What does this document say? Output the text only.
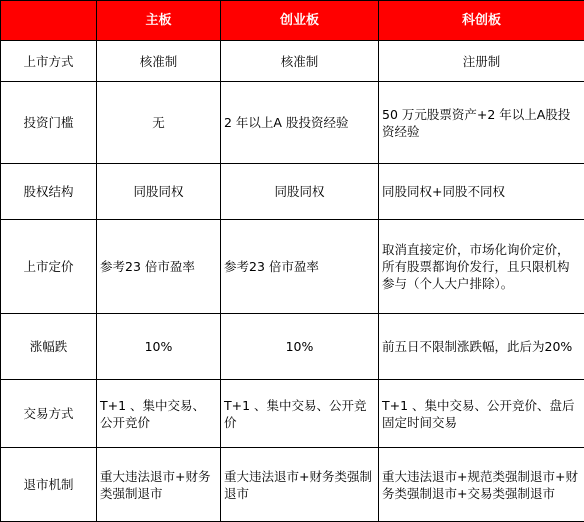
	主板	创业板	科创板
上市方式	核准制	核准制	注册制
投资门槛	无	2 年以上A 股投资经验	50 万元股票资产+2 年以上A股投资经验
股权结构	同股同权	同股同权	同股同权+同股不同权
上市定价	参考23 倍市盈率	参考23 倍市盈率	取消直接定价，市场化询价定价，所有股票都询价发行，且只限机构参与（个人大户排除）。
涨幅跌	10%	10%	前五日不限制涨跌幅，此后为20%
交易方式	T+1 、集中交易、公开竞价	T+1 、集中交易、公开竞价	T+1 、集中交易、公开竞价、盘后固定时间交易
退市机制	重大违法退市+财务类强制退市	重大违法退市+财务类强制退市	重大违法退市+规范类强制退市+财务类强制退市+交易类强制退市
